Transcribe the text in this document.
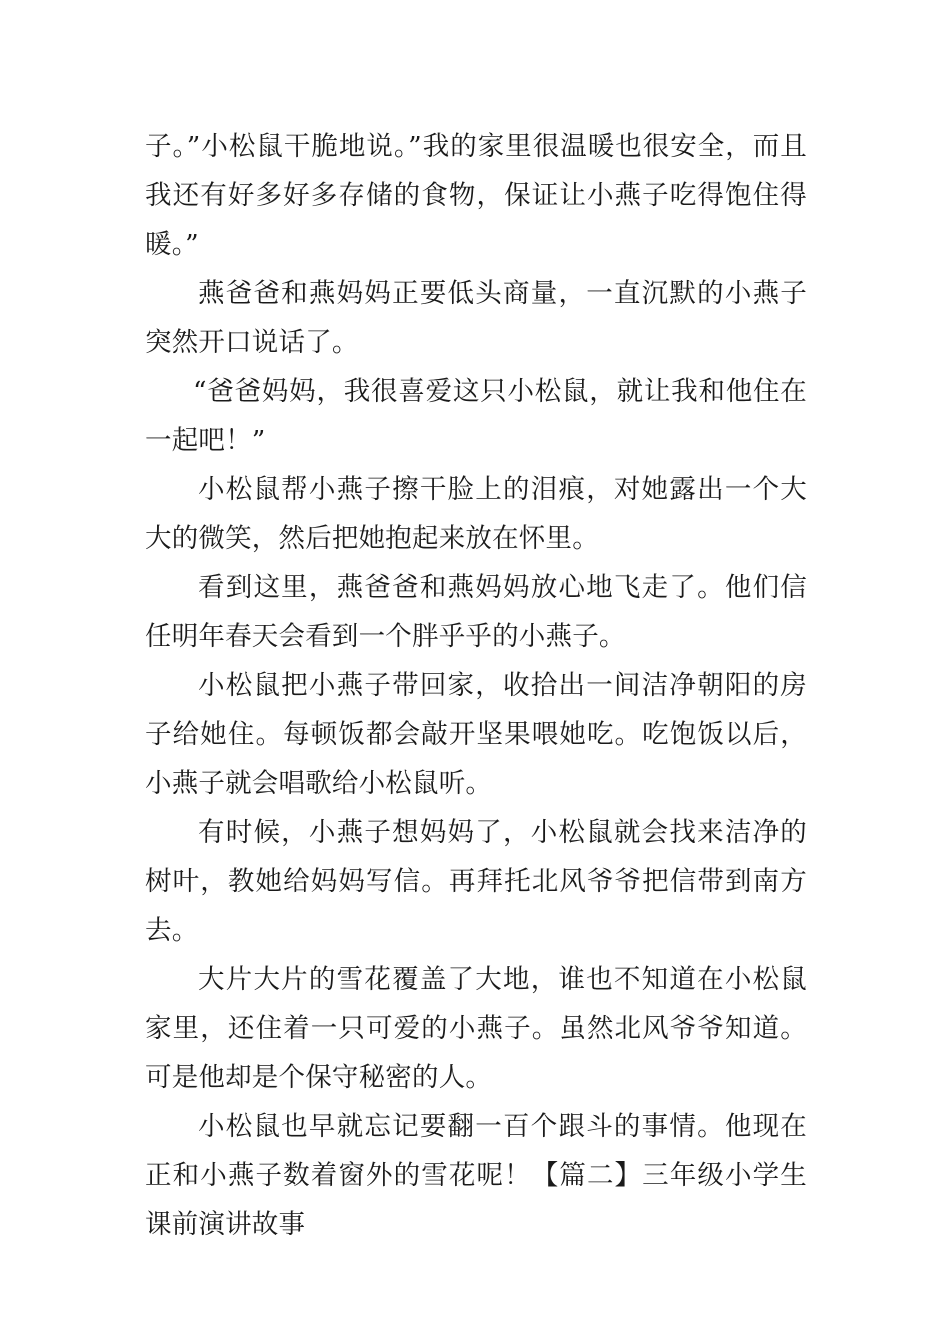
子。”小松鼠干脆地说。”我的家里很温暖也很安全，而且我还有好多好多存储的食物，保证让小燕子吃得饱住得暖。”

燕爸爸和燕妈妈正要低头商量，一直沉默的小燕子突然开口说话了。

“爸爸妈妈，我很喜爱这只小松鼠，就让我和他住在一起吧！”

小松鼠帮小燕子擦干脸上的泪痕，对她露出一个大大的微笑，然后把她抱起来放在怀里。

看到这里，燕爸爸和燕妈妈放心地飞走了。他们信任明年春天会看到一个胖乎乎的小燕子。

小松鼠把小燕子带回家，收拾出一间洁净朝阳的房子给她住。每顿饭都会敲开坚果喂她吃。吃饱饭以后，小燕子就会唱歌给小松鼠听。

有时候，小燕子想妈妈了，小松鼠就会找来洁净的树叶，教她给妈妈写信。再拜托北风爷爷把信带到南方去。

大片大片的雪花覆盖了大地，谁也不知道在小松鼠家里，还住着一只可爱的小燕子。虽然北风爷爷知道。可是他却是个保守秘密的人。

小松鼠也早就忘记要翻一百个跟斗的事情。他现在正和小燕子数着窗外的雪花呢！【篇二】三年级小学生课前演讲故事
